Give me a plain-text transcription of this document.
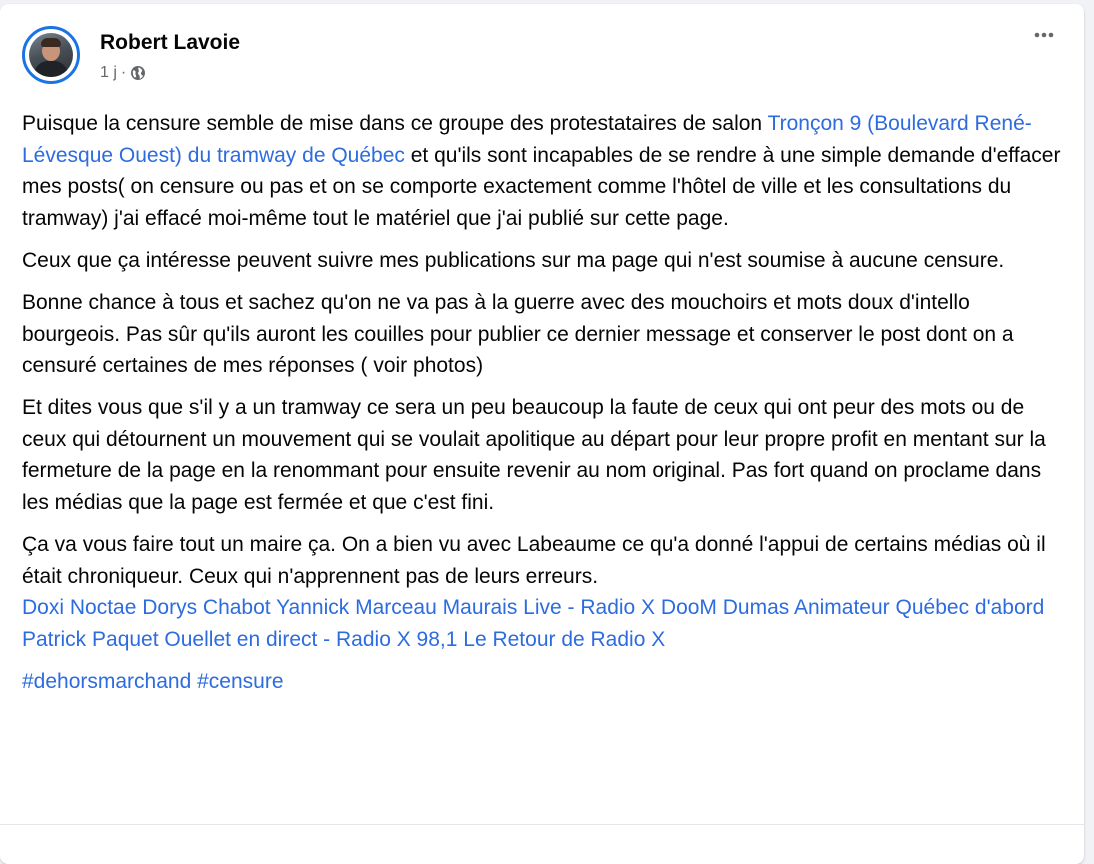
Robert Lavoie
1 j ·

Puisque la censure semble de mise dans ce groupe des protestataires de salon Tronçon 9 (Boulevard René-Lévesque Ouest) du tramway de Québec et qu'ils sont incapables de se rendre à une simple demande d'effacer mes posts( on censure ou pas et on se comporte exactement comme l'hôtel de ville et les consultations du tramway) j'ai effacé moi-même tout le matériel que j'ai publié sur cette page.

Ceux que ça intéresse peuvent suivre mes publications sur ma page qui n'est soumise à aucune censure.

Bonne chance à tous et sachez qu'on ne va pas à la guerre avec des mouchoirs et mots doux d'intello bourgeois. Pas sûr qu'ils auront les couilles pour publier ce dernier message et conserver le post dont on a censuré certaines de mes réponses ( voir photos)

Et dites vous que s'il y a un tramway ce sera un peu beaucoup la faute de ceux qui ont peur des mots ou de ceux qui détournent un mouvement qui se voulait apolitique au départ pour leur propre profit en mentant sur la fermeture de la page en la renommant pour ensuite revenir au nom original. Pas fort quand on proclame dans les médias que la page est fermée et que c'est fini.

Ça va vous faire tout un maire ça. On a bien vu avec Labeaume ce qu'a donné l'appui de certains médias où il était chroniqueur. Ceux qui n'apprennent pas de leurs erreurs.
Doxi Noctae Dorys Chabot Yannick Marceau Maurais Live - Radio X DooM Dumas Animateur Québec d'abord Patrick Paquet Ouellet en direct - Radio X 98,1 Le Retour de Radio X

#dehorsmarchand #censure
